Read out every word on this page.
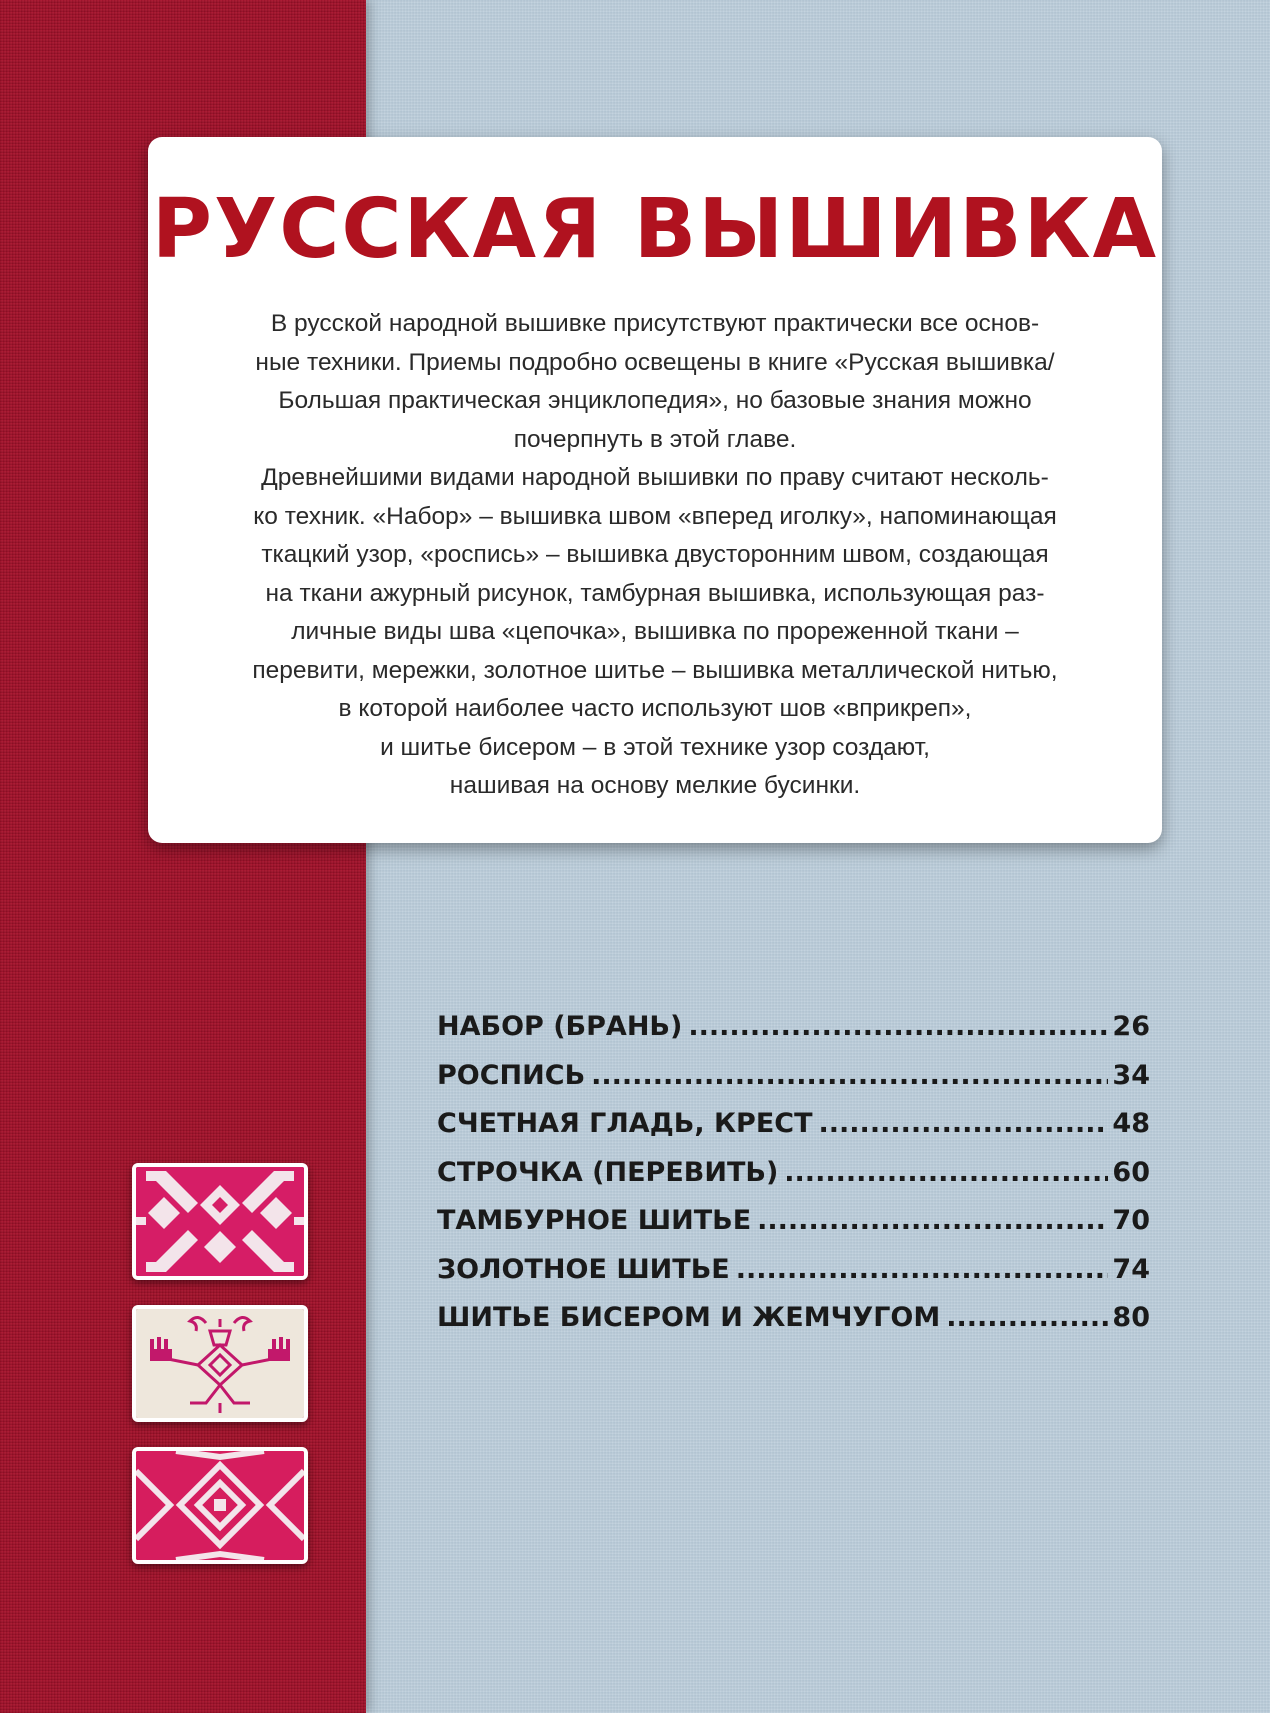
РУССКАЯ ВЫШИВКА
В русской народной вышивке присутствуют практически все основ-
ные техники. Приемы подробно освещены в книге «Русская вышивка/
Большая практическая энциклопедия», но базовые знания можно
почерпнуть в этой главе.
Древнейшими видами народной вышивки по праву считают несколь-
ко техник. «Набор» – вышивка швом «вперед иголку», напоминающая
ткацкий узор, «роспись» – вышивка двусторонним швом, создающая
на ткани ажурный рисунок, тамбурная вышивка, использующая раз-
личные виды шва «цепочка», вышивка по прореженной ткани –
перевити, мережки, золотное шитье – вышивка металлической нитью,
в которой наиболее часто используют шов «вприкреп»,
и шитье бисером – в этой технике узор создают,
нашивая на основу мелкие бусинки.
НАБОР (БРАНЬ) .....	26
РОСПИСЬ .....	34
СЧЕТНАЯ ГЛАДЬ, КРЕСТ .....	48
СТРОЧКА (ПЕРЕВИТЬ) .....	60
ТАМБУРНОЕ ШИТЬЕ .....	70
ЗОЛОТНОЕ ШИТЬЕ .....	74
ШИТЬЕ БИСЕРОМ И ЖЕМЧУГОМ .....	80
